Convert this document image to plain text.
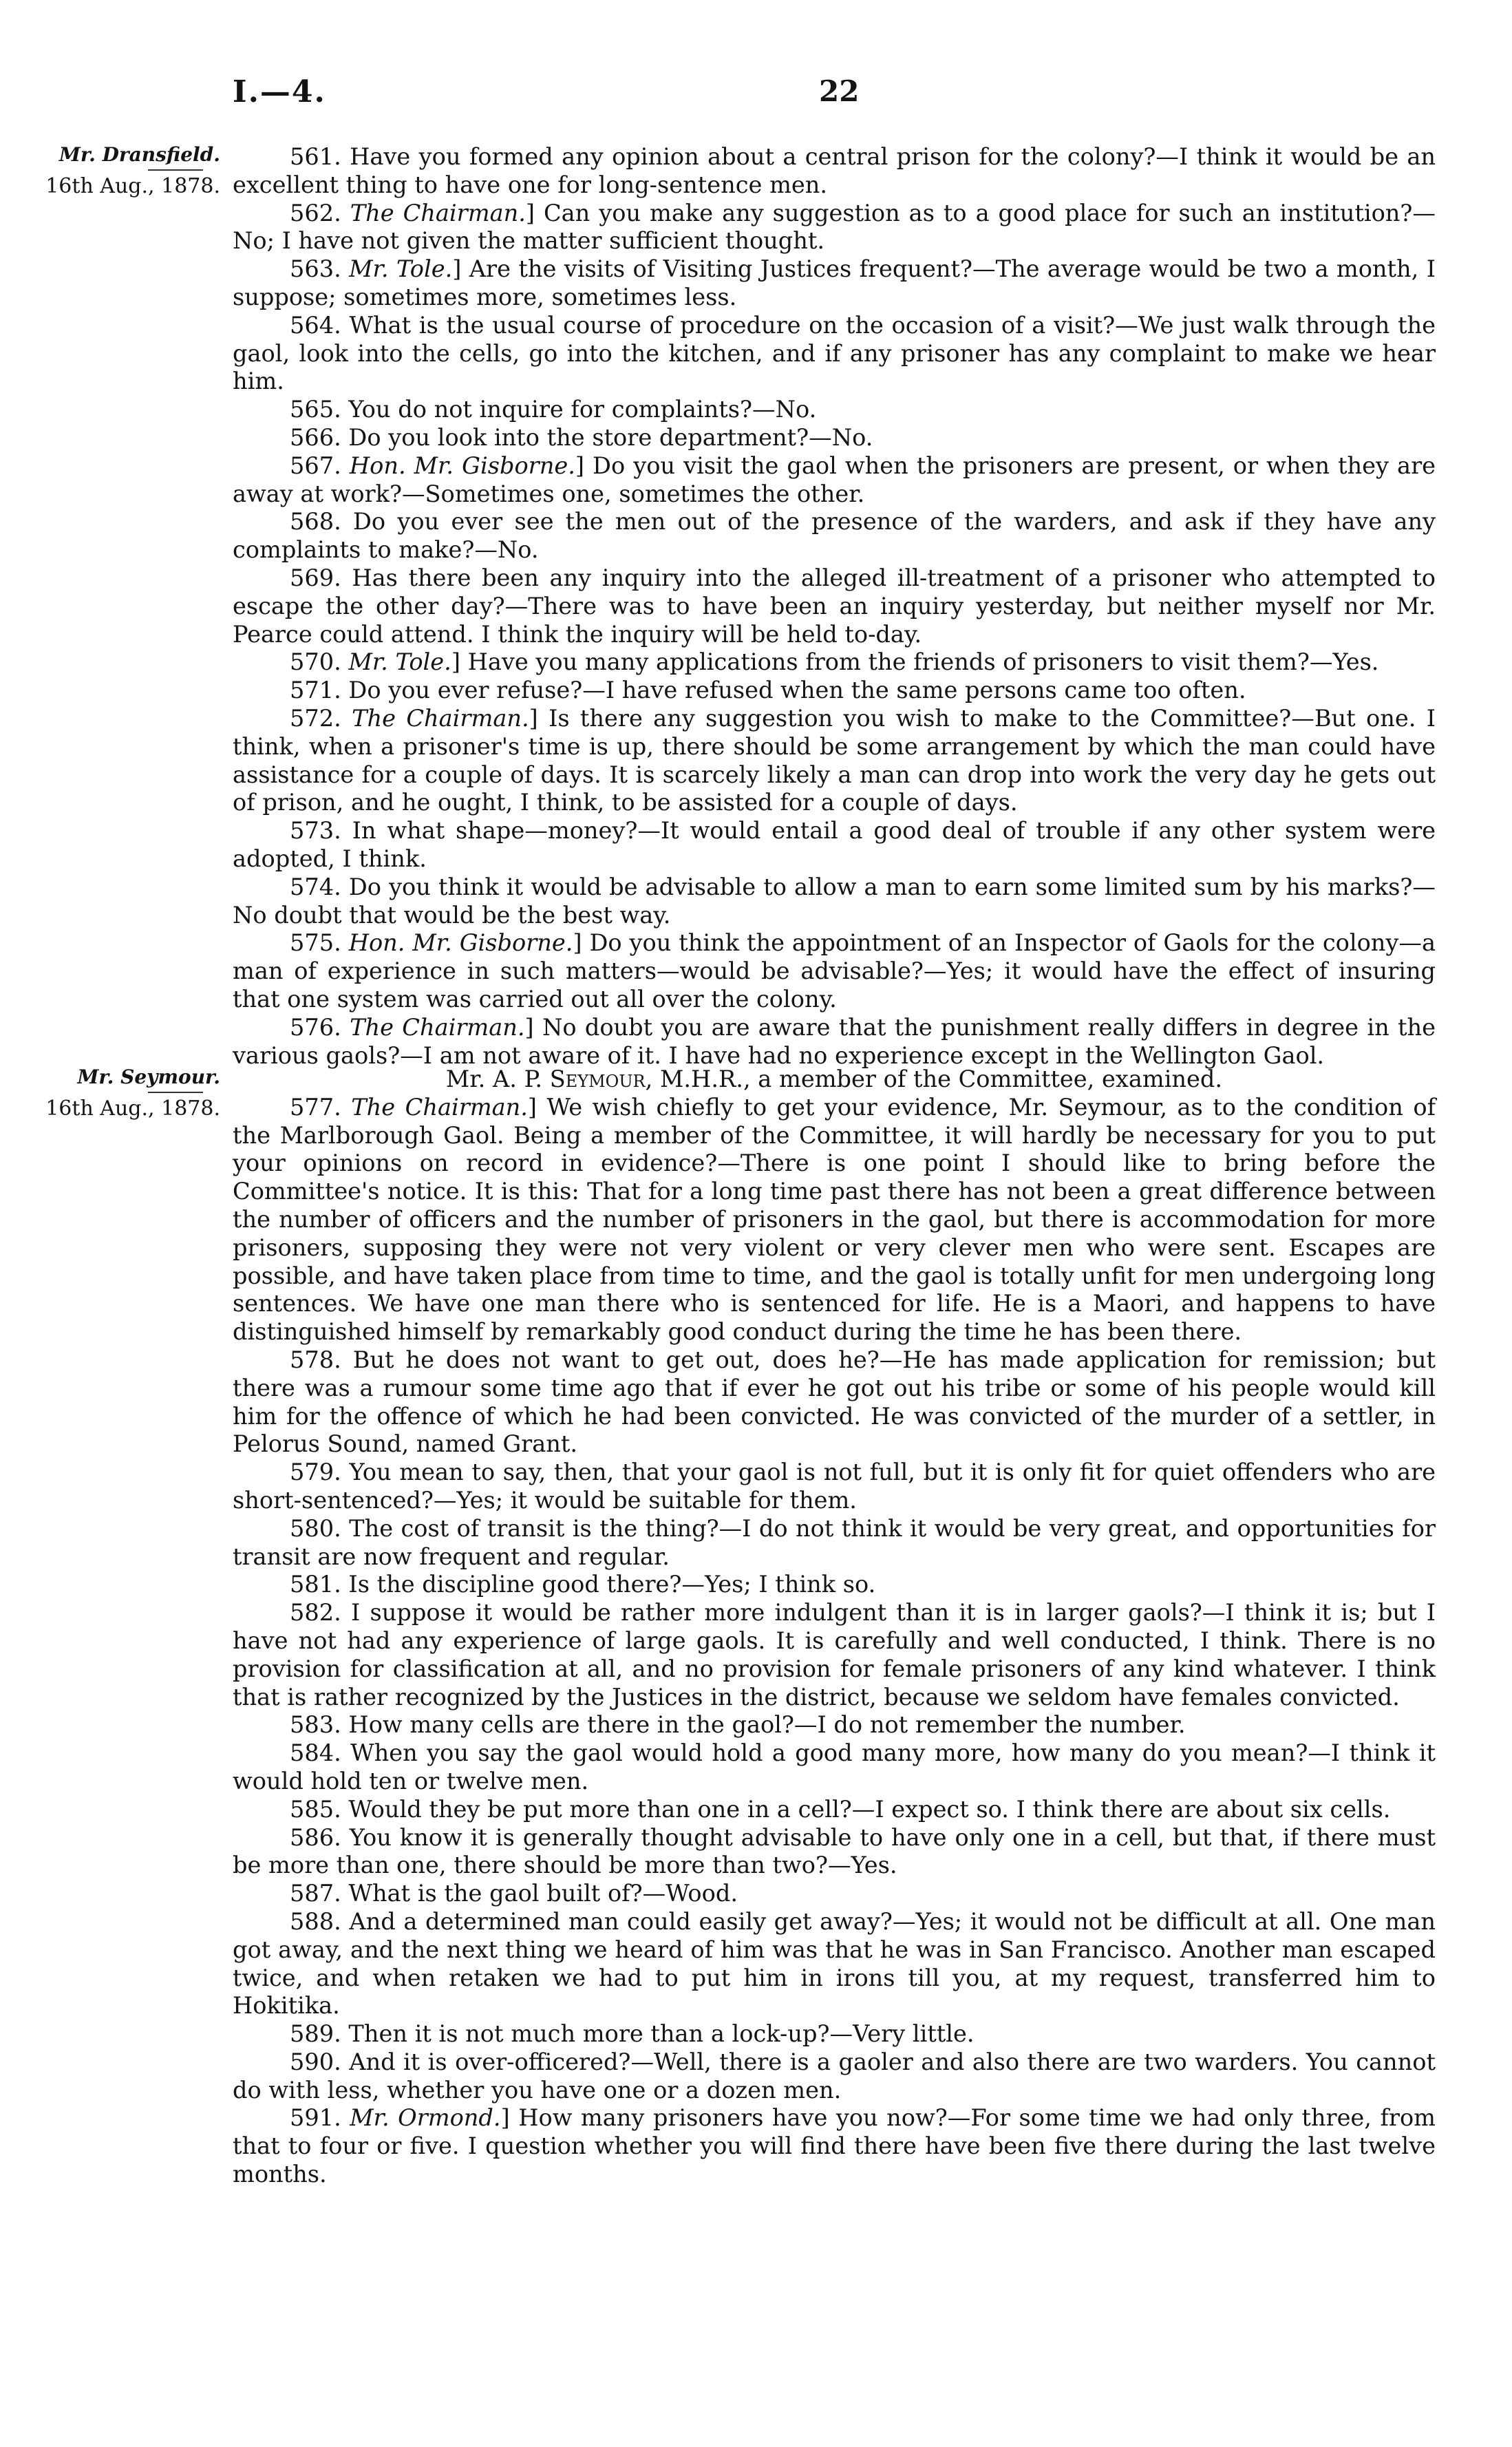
I.—4.	22
Mr. Dransfield.
16th Aug., 1878.

561. Have you formed any opinion about a central prison for the colony?—I think it would be an excellent thing to have one for long-sentence men.

562. The Chairman.] Can you make any suggestion as to a good place for such an institution?—No; I have not given the matter sufficient thought.

563. Mr. Tole.] Are the visits of Visiting Justices frequent?—The average would be two a month, I suppose; sometimes more, sometimes less.

564. What is the usual course of procedure on the occasion of a visit?—We just walk through the gaol, look into the cells, go into the kitchen, and if any prisoner has any complaint to make we hear him.

565. You do not inquire for complaints?—No.

566. Do you look into the store department?—No.

567. Hon. Mr. Gisborne.] Do you visit the gaol when the prisoners are present, or when they are away at work?—Sometimes one, sometimes the other.

568. Do you ever see the men out of the presence of the warders, and ask if they have any complaints to make?—No.

569. Has there been any inquiry into the alleged ill-treatment of a prisoner who attempted to escape the other day?—There was to have been an inquiry yesterday, but neither myself nor Mr. Pearce could attend. I think the inquiry will be held to-day.

570. Mr. Tole.] Have you many applications from the friends of prisoners to visit them?—Yes.

571. Do you ever refuse?—I have refused when the same persons came too often.

572. The Chairman.] Is there any suggestion you wish to make to the Committee?—But one. I think, when a prisoner's time is up, there should be some arrangement by which the man could have assistance for a couple of days. It is scarcely likely a man can drop into work the very day he gets out of prison, and he ought, I think, to be assisted for a couple of days.

573. In what shape—money?—It would entail a good deal of trouble if any other system were adopted, I think.

574. Do you think it would be advisable to allow a man to earn some limited sum by his marks?—No doubt that would be the best way.

575. Hon. Mr. Gisborne.] Do you think the appointment of an Inspector of Gaols for the colony—a man of experience in such matters—would be advisable?—Yes; it would have the effect of insuring that one system was carried out all over the colony.

576. The Chairman.] No doubt you are aware that the punishment really differs in degree in the various gaols?—I am not aware of it. I have had no experience except in the Wellington Gaol.

Mr. Seymour.
16th Aug., 1878.

Mr. A. P. Seymour, M.H.R., a member of the Committee, examined.

577. The Chairman.] We wish chiefly to get your evidence, Mr. Seymour, as to the condition of the Marlborough Gaol. Being a member of the Committee, it will hardly be necessary for you to put your opinions on record in evidence?—There is one point I should like to bring before the Committee's notice. It is this: That for a long time past there has not been a great difference between the number of officers and the number of prisoners in the gaol, but there is accommodation for more prisoners, supposing they were not very violent or very clever men who were sent. Escapes are possible, and have taken place from time to time, and the gaol is totally unfit for men undergoing long sentences. We have one man there who is sentenced for life. He is a Maori, and happens to have distinguished himself by remarkably good conduct during the time he has been there.

578. But he does not want to get out, does he?—He has made application for remission; but there was a rumour some time ago that if ever he got out his tribe or some of his people would kill him for the offence of which he had been convicted. He was convicted of the murder of a settler, in Pelorus Sound, named Grant.

579. You mean to say, then, that your gaol is not full, but it is only fit for quiet offenders who are short-sentenced?—Yes; it would be suitable for them.

580. The cost of transit is the thing?—I do not think it would be very great, and opportunities for transit are now frequent and regular.

581. Is the discipline good there?—Yes; I think so.

582. I suppose it would be rather more indulgent than it is in larger gaols?—I think it is; but I have not had any experience of large gaols. It is carefully and well conducted, I think. There is no provision for classification at all, and no provision for female prisoners of any kind whatever. I think that is rather recognized by the Justices in the district, because we seldom have females convicted.

583. How many cells are there in the gaol?—I do not remember the number.

584. When you say the gaol would hold a good many more, how many do you mean?—I think it would hold ten or twelve men.

585. Would they be put more than one in a cell?—I expect so. I think there are about six cells.

586. You know it is generally thought advisable to have only one in a cell, but that, if there must be more than one, there should be more than two?—Yes.

587. What is the gaol built of?—Wood.

588. And a determined man could easily get away?—Yes; it would not be difficult at all. One man got away, and the next thing we heard of him was that he was in San Francisco. Another man escaped twice, and when retaken we had to put him in irons till you, at my request, transferred him to Hokitika.

589. Then it is not much more than a lock-up?—Very little.

590. And it is over-officered?—Well, there is a gaoler and also there are two warders. You cannot do with less, whether you have one or a dozen men.

591. Mr. Ormond.] How many prisoners have you now?—For some time we had only three, from that to four or five. I question whether you will find there have been five there during the last twelve months.
